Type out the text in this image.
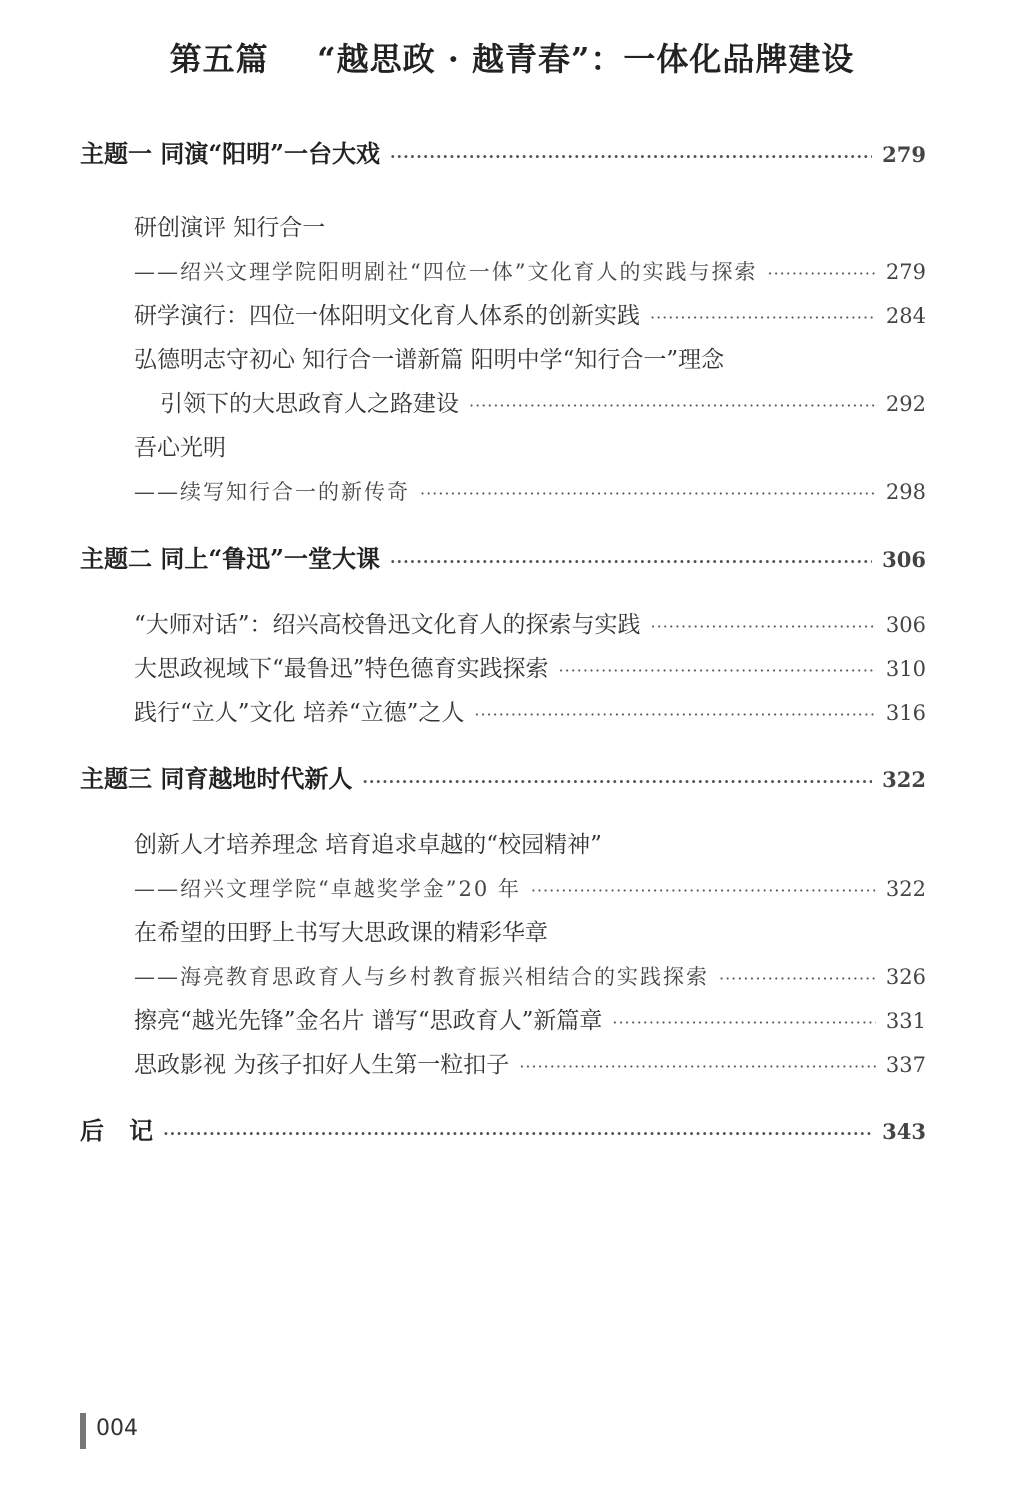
第五篇    “越思政 · 越青春”：一体化品牌建设
主题一 同演“阳明”一台大戏 ·····	279
研创演评 知行合一
——绍兴文理学院阳明剧社“四位一体”文化育人的实践与探索 ·····	279
研学演行：四位一体阳明文化育人体系的创新实践 ·····	284
弘德明志守初心 知行合一谱新篇 阳明中学“知行合一”理念
引领下的大思政育人之路建设 ·····	292
吾心光明
——续写知行合一的新传奇 ·····	298
主题二 同上“鲁迅”一堂大课 ·····	306
“大师对话”：绍兴高校鲁迅文化育人的探索与实践 ·····	306
大思政视域下“最鲁迅”特色德育实践探索 ·····	310
践行“立人”文化 培养“立德”之人 ·····	316
主题三 同育越地时代新人 ·····	322
创新人才培养理念 培育追求卓越的“校园精神”
——绍兴文理学院“卓越奖学金”20 年 ·····	322
在希望的田野上书写大思政课的精彩华章
——海亮教育思政育人与乡村教育振兴相结合的实践探索 ·····	326
擦亮“越光先锋”金名片 谱写“思政育人”新篇章 ·····	331
思政影视 为孩子扣好人生第一粒扣子 ·····	337
后   记 ·····	343
004
